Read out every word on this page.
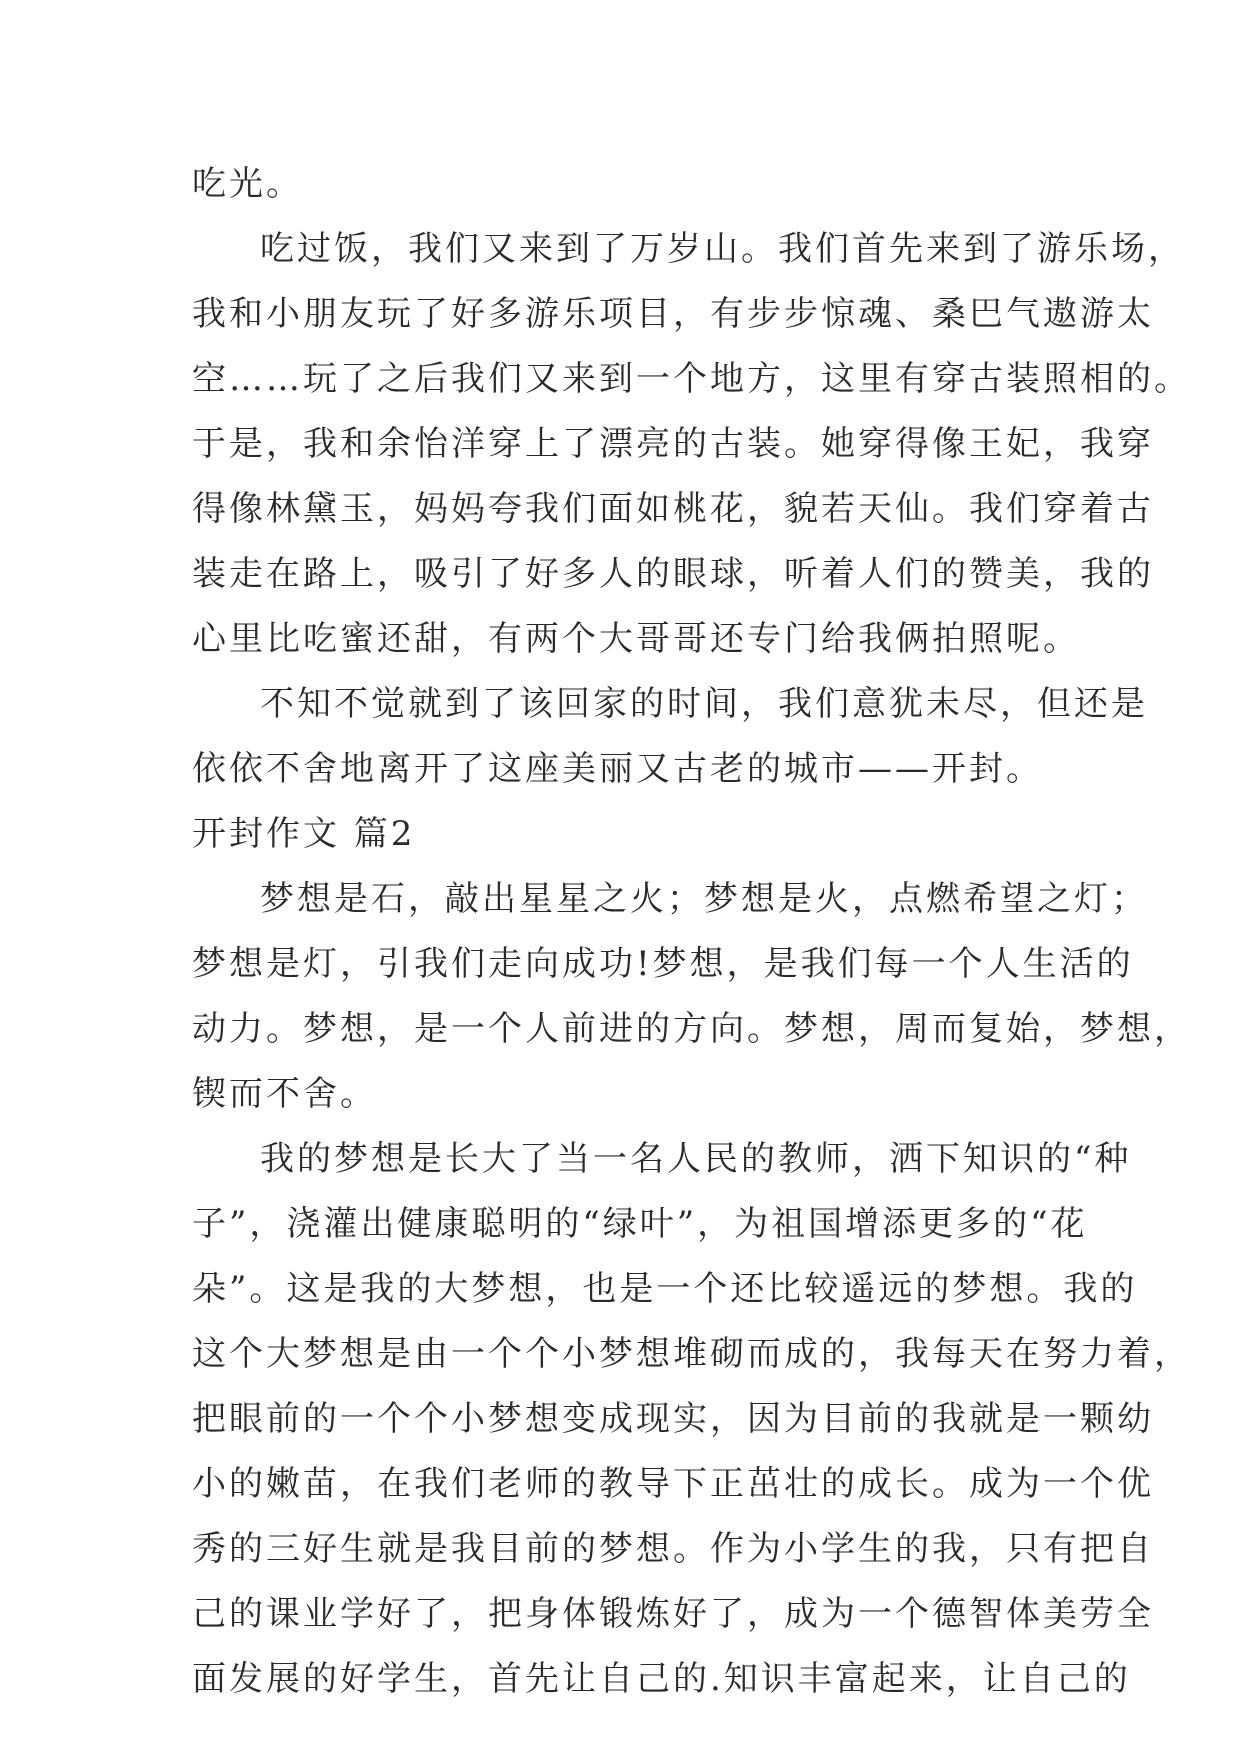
吃光。
吃过饭，我们又来到了万岁山。我们首先来到了游乐场，
我和小朋友玩了好多游乐项目，有步步惊魂、桑巴气遨游太
空……玩了之后我们又来到一个地方，这里有穿古装照相的。
于是，我和余怡洋穿上了漂亮的古装。她穿得像王妃，我穿
得像林黛玉，妈妈夸我们面如桃花，貌若天仙。我们穿着古
装走在路上，吸引了好多人的眼球，听着人们的赞美，我的
心里比吃蜜还甜，有两个大哥哥还专门给我俩拍照呢。
不知不觉就到了该回家的时间，我们意犹未尽，但还是
依依不舍地离开了这座美丽又古老的城市——开封。
开封作文 篇2
梦想是石，敲出星星之火；梦想是火，点燃希望之灯；
梦想是灯，引我们走向成功!梦想，是我们每一个人生活的
动力。梦想，是一个人前进的方向。梦想，周而复始，梦想，
锲而不舍。
我的梦想是长大了当一名人民的教师，洒下知识的“种
子”，浇灌出健康聪明的“绿叶”，为祖国增添更多的“花
朵”。这是我的大梦想，也是一个还比较遥远的梦想。我的
这个大梦想是由一个个小梦想堆砌而成的，我每天在努力着，
把眼前的一个个小梦想变成现实，因为目前的我就是一颗幼
小的嫩苗，在我们老师的教导下正茁壮的成长。成为一个优
秀的三好生就是我目前的梦想。作为小学生的我，只有把自
己的课业学好了，把身体锻炼好了，成为一个德智体美劳全
面发展的好学生，首先让自己的.知识丰富起来，让自己的
